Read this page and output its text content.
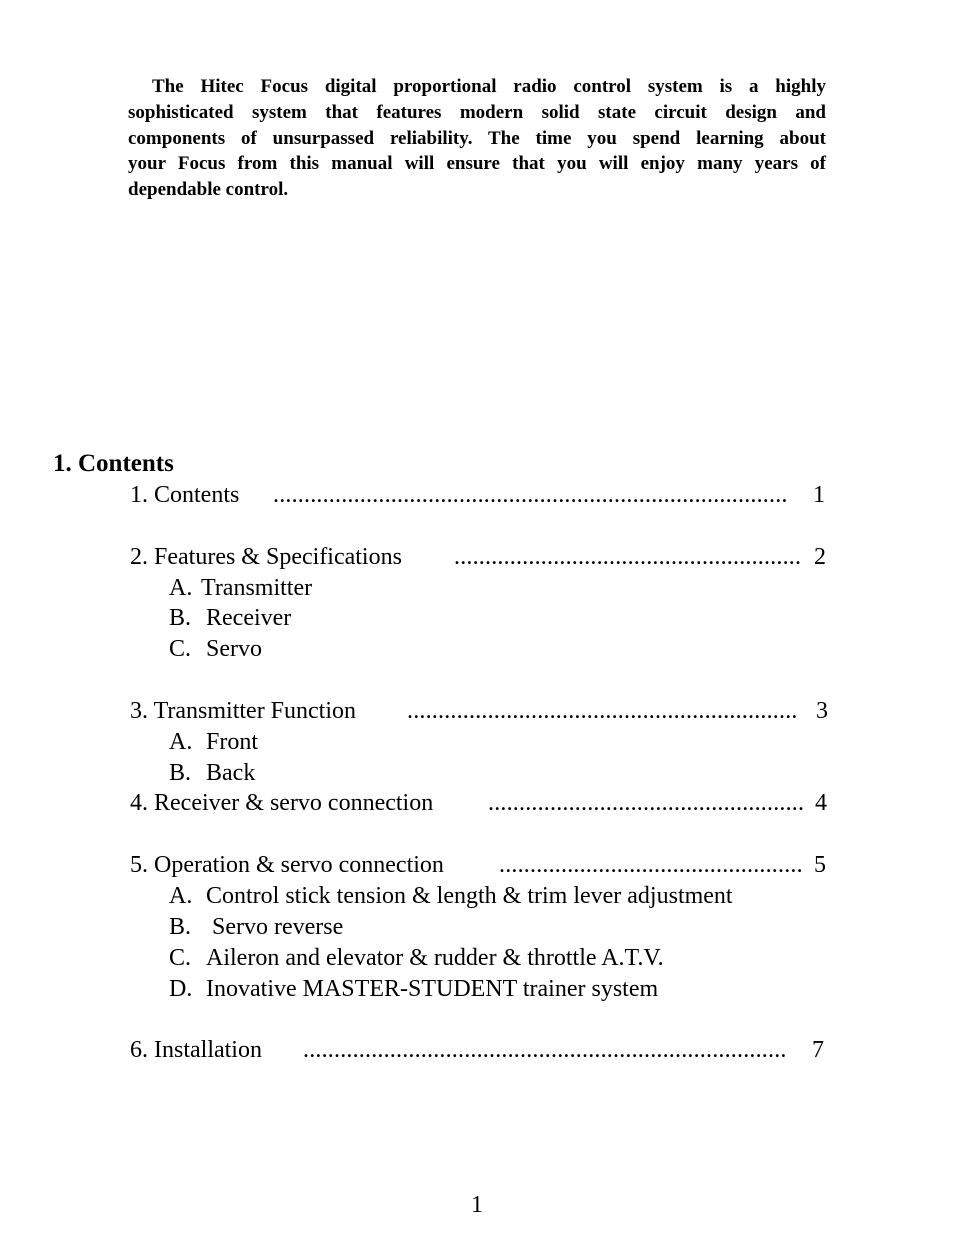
The Hitec Focus digital proportional radio control system is a highly
sophisticated system that features modern solid state circuit design and
components of unsurpassed reliability. The time you spend learning about
your Focus from this manual will ensure that you will enjoy many years of
dependable control.
1. Contents
1. Contents ................................................................................... 1
2. Features & Specifications ........................................................ 2
A. Transmitter
B. Receiver
C. Servo
3. Transmitter Function ............................................................... 3
A. Front
B. Back
4. Receiver & servo connection ................................................... 4
5. Operation & servo connection ................................................. 5
A. Control stick tension & length & trim lever adjustment
B. Servo reverse
C. Aileron and elevator & rudder & throttle A.T.V.
D. Inovative MASTER-STUDENT trainer system
6. Installation .............................................................................. 7
1
